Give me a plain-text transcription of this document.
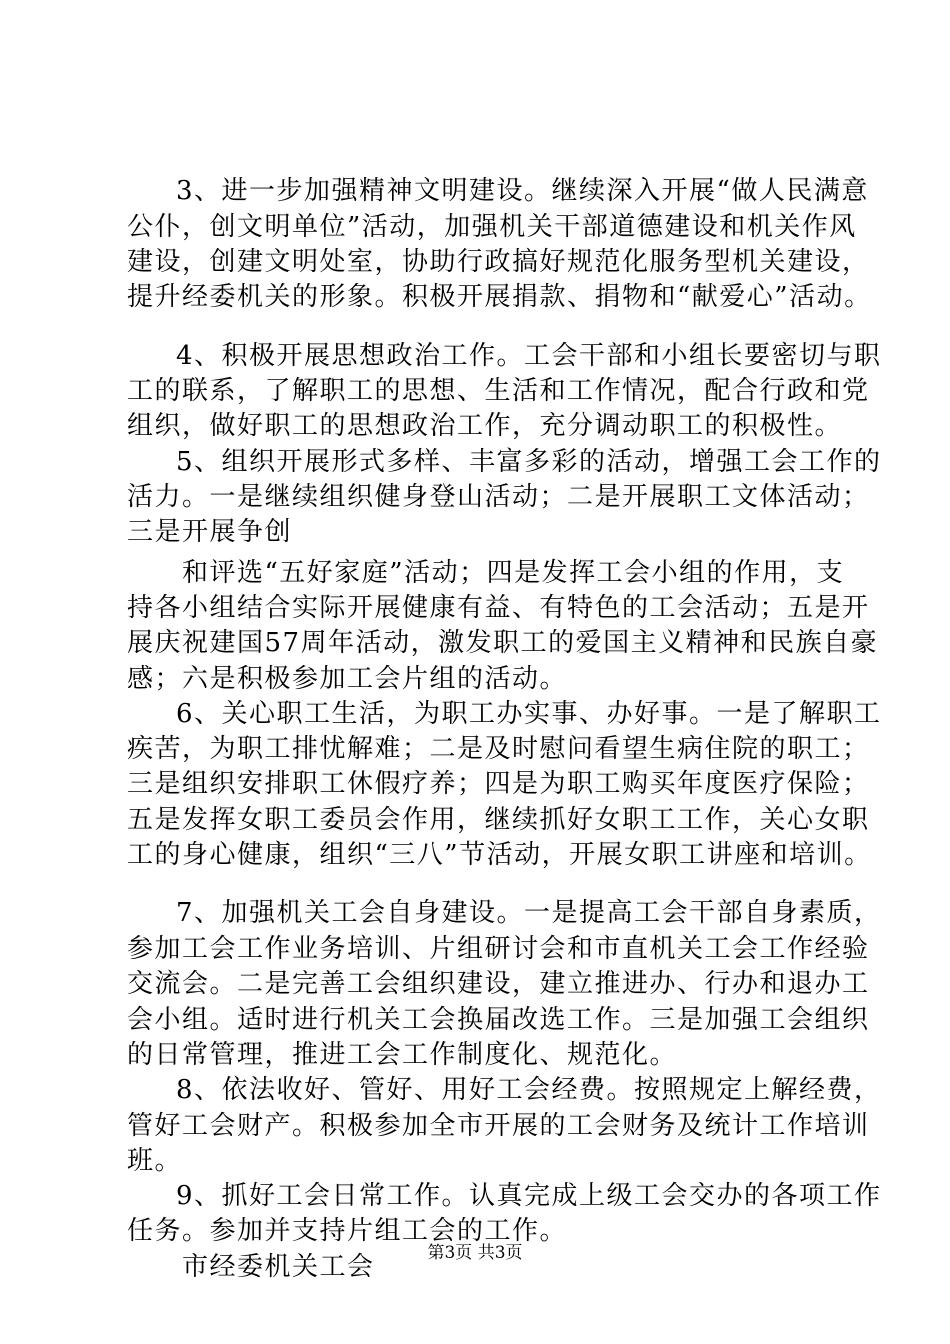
3、进一步加强精神文明建设。继续深入开展“做人民满意
公仆，创文明单位”活动，加强机关干部道德建设和机关作风
建设，创建文明处室，协助行政搞好规范化服务型机关建设，
提升经委机关的形象。积极开展捐款、捐物和“献爱心”活动。
4、积极开展思想政治工作。工会干部和小组长要密切与职
工的联系，了解职工的思想、生活和工作情况，配合行政和党
组织，做好职工的思想政治工作，充分调动职工的积极性。
5、组织开展形式多样、丰富多彩的活动，增强工会工作的
活力。一是继续组织健身登山活动；二是开展职工文体活动；
三是开展争创
和评选“五好家庭”活动；四是发挥工会小组的作用，支
持各小组结合实际开展健康有益、有特色的工会活动；五是开
展庆祝建国57周年活动，激发职工的爱国主义精神和民族自豪
感；六是积极参加工会片组的活动。
6、关心职工生活，为职工办实事、办好事。一是了解职工
疾苦，为职工排忧解难；二是及时慰问看望生病住院的职工；
三是组织安排职工休假疗养；四是为职工购买年度医疗保险；
五是发挥女职工委员会作用，继续抓好女职工工作，关心女职
工的身心健康，组织“三八”节活动，开展女职工讲座和培训。
7、加强机关工会自身建设。一是提高工会干部自身素质，
参加工会工作业务培训、片组研讨会和市直机关工会工作经验
交流会。二是完善工会组织建设，建立推进办、行办和退办工
会小组。适时进行机关工会换届改选工作。三是加强工会组织
的日常管理，推进工会工作制度化、规范化。
8、依法收好、管好、用好工会经费。按照规定上解经费，
管好工会财产。积极参加全市开展的工会财务及统计工作培训
班。
9、抓好工会日常工作。认真完成上级工会交办的各项工作
任务。参加并支持片组工会的工作。
市经委机关工会	第3页 共3页
